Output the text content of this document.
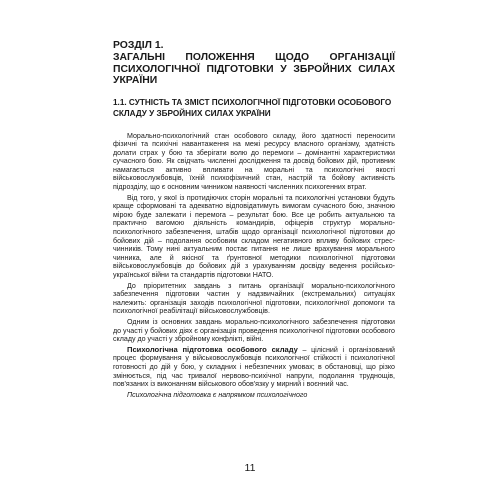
РОЗДІЛ 1.
ЗАГАЛЬНІ ПОЛОЖЕННЯ ЩОДО ОРГАНІЗАЦІЇ ПСИХОЛОГІЧНОЇ ПІДГОТОВКИ У ЗБРОЙНИХ СИЛАХ УКРАЇНИ
1.1. СУТНІСТЬ ТА ЗМІСТ ПСИХОЛОГІЧНОЇ ПІДГОТОВКИ ОСОБОВОГО СКЛАДУ У ЗБРОЙНИХ СИЛАХ УКРАЇНИ

Морально-психологічний стан особового складу, його здатності переносити фізичні та психічні навантаження на межі ресурсу власного організму, здатність долати страх у бою та зберігати волю до перемоги – домінантні характеристики сучасного бою. Як свідчать численні дослідження та досвід бойових дій, противник намагається активно впливати на моральні та психологічні якості військовослужбовців, їхній психофізичний стан, настрій та бойову активність підрозділу, що є основним чинником наявності численних психогенних втрат.

Від того, у якої із протидіючих сторін моральні та психологічні установки будуть краще сформовані та адекватно відповідатимуть вимогам сучасного бою, значною мірою буде залежати і перемога – результат бою. Все це робить актуальною та практично вагомою діяльність командирів, офіцерів структур морально-психологічного забезпечення, штабів щодо організації психологічної підготовки до бойових дій – подолання особовим складом негативного впливу бойових стрес-чинників. Тому нині актуальним постає питання не лише врахування морального чинника, але й якісної та ґрунтовної методики психологічної підготовки військовослужбовців до бойових дій з урахуванням досвіду ведення російсько-української війни та стандартів підготовки НАТО.

До пріоритетних завдань з питань організації морально-психологічного забезпечення підготовки частин у надзвичайних (екстремальних) ситуаціях належить: організація заходів психологічної підготовки, психологічної допомоги та психологічної реабілітації військовослужбовців.

Одним із основних завдань морально-психологічного забезпечення підготовки до участі у бойових діях є організація проведення психологічної підготовки особового складу до участі у збройному конфлікті, війні.

Психологічна підготовка особового складу – цілісний і організований процес формування у військовослужбовців психологічної стійкості і психологічної готовності до дій у бою, у складних і небезпечних умовах; в обстановці, що різко змінюється, під час тривалої нервово-психічної напруги, подолання труднощів, пов'язаних із виконанням військового обов'язку у мирний і воєнний час.

Психологічна підготовка є напрямком психологічного

11
